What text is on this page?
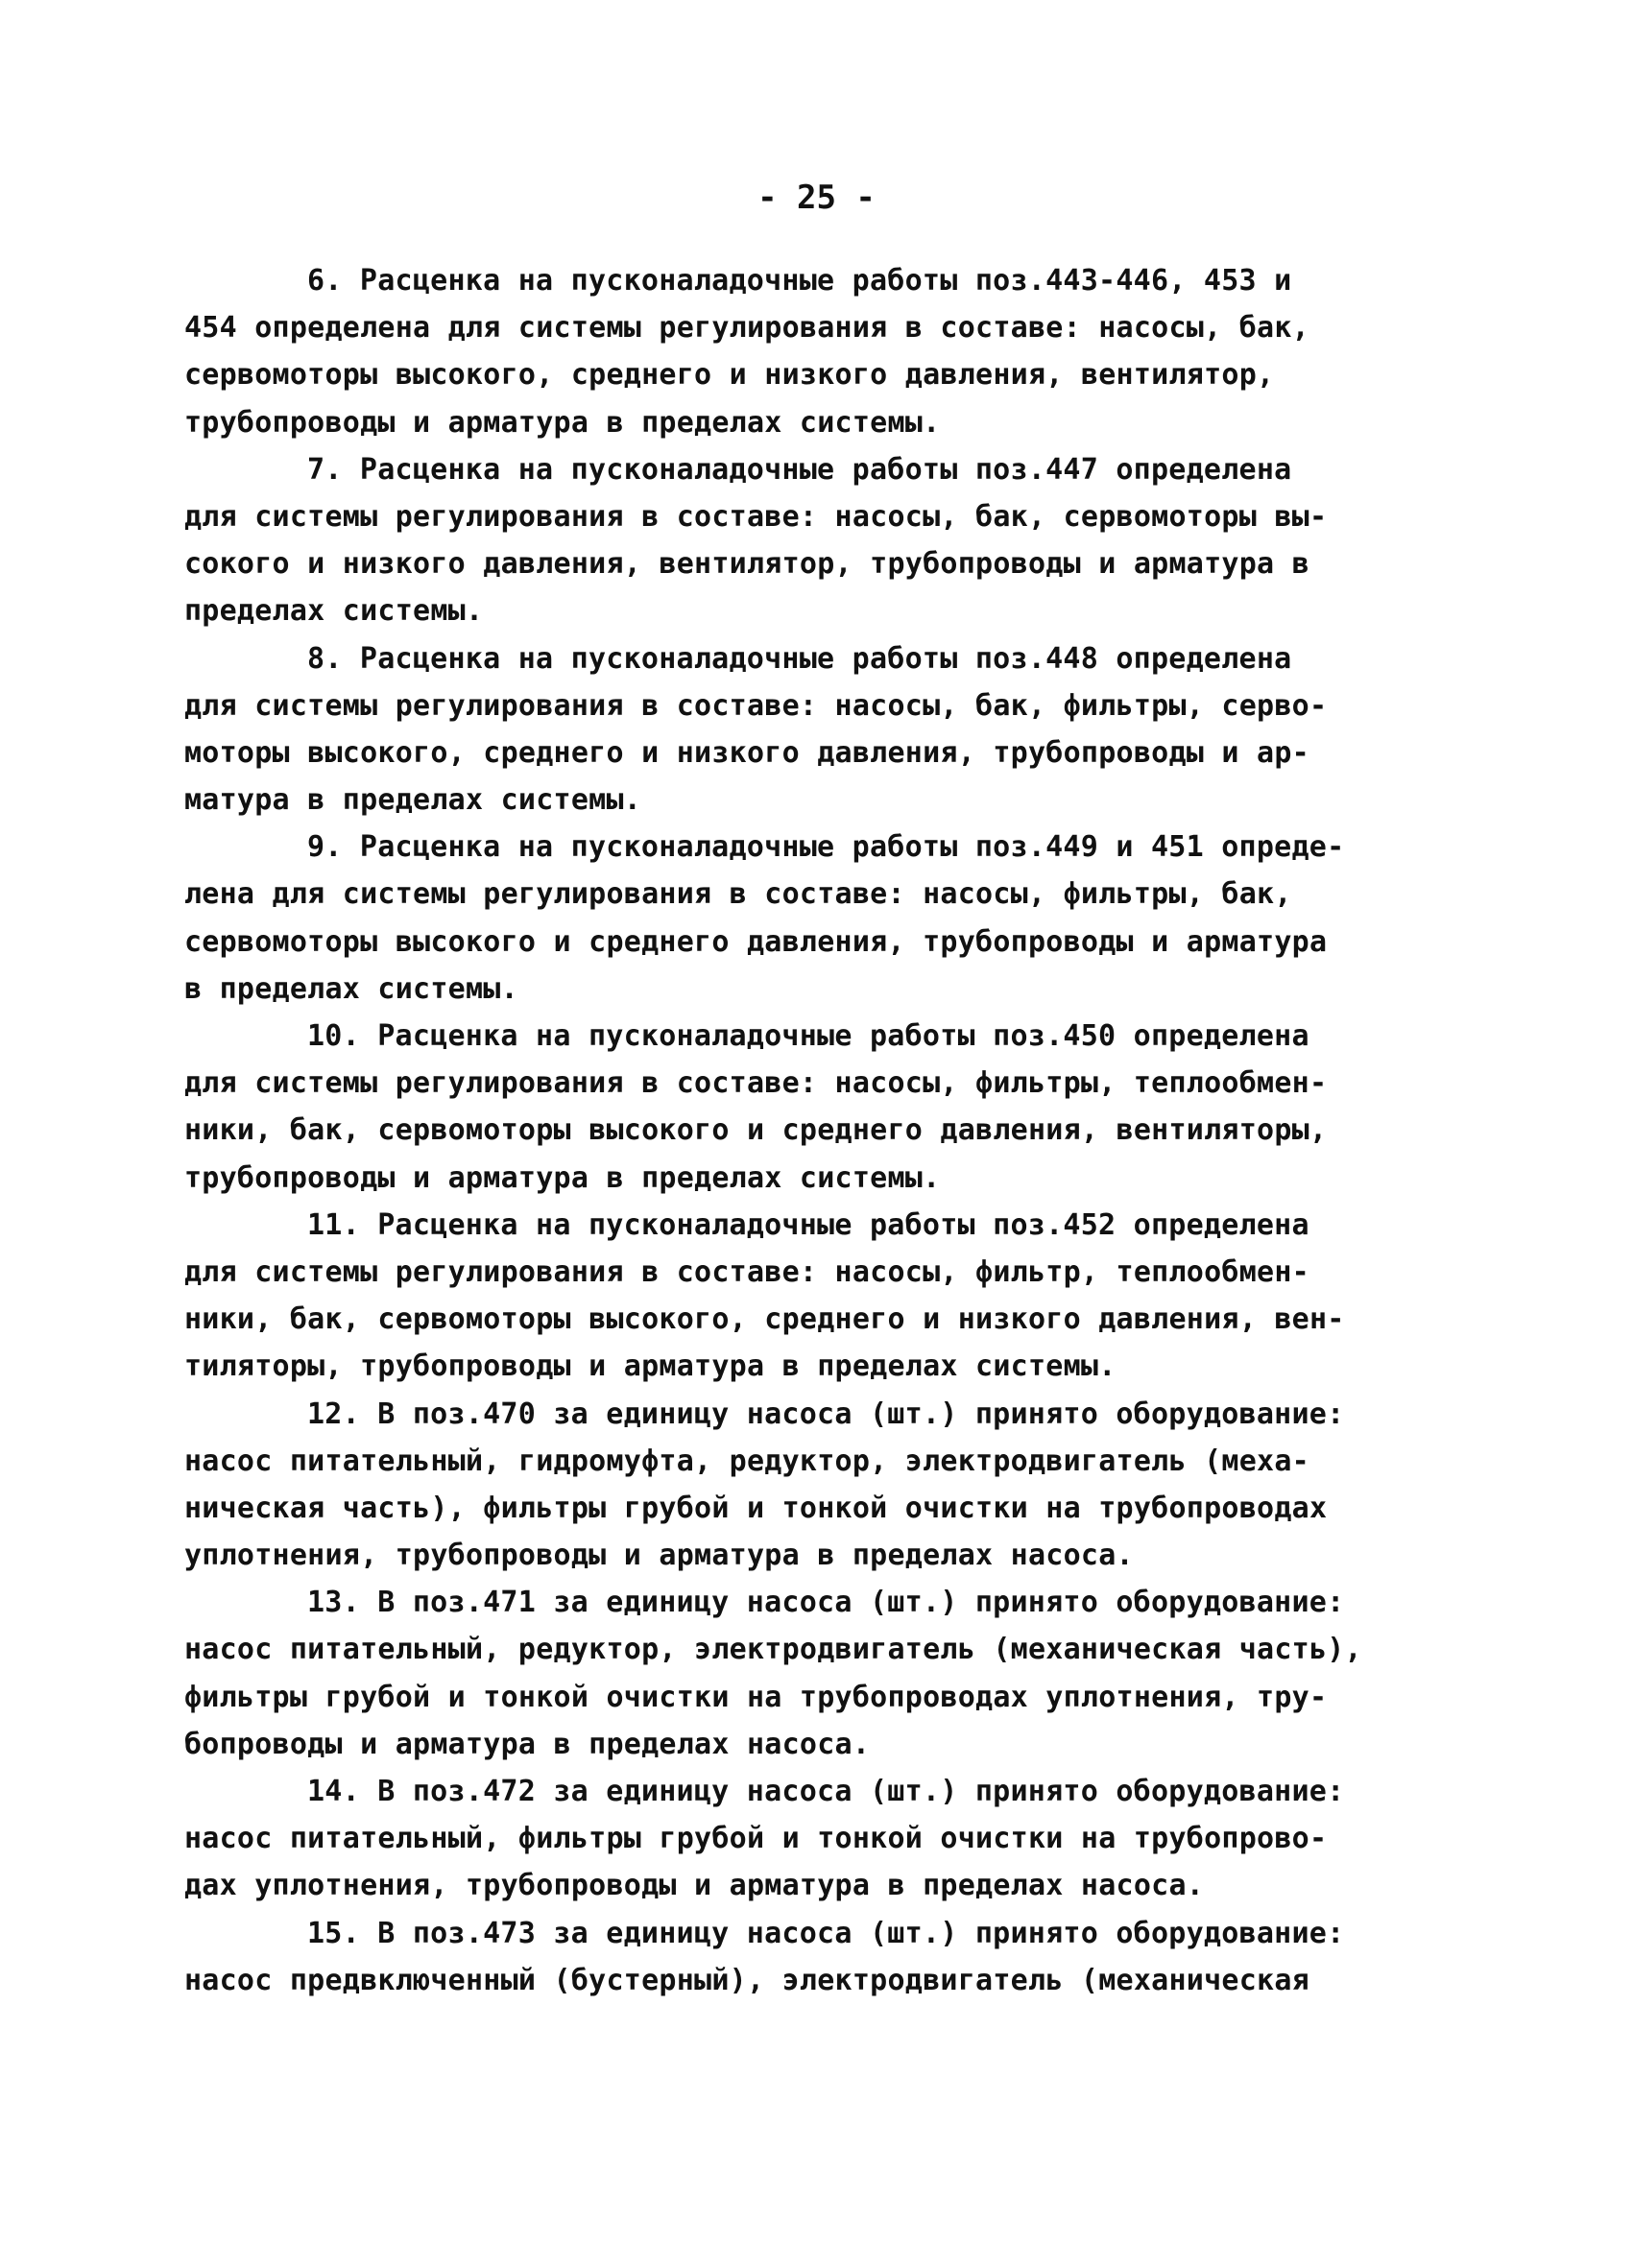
- 25 -
6. Расценка на пусконаладочные работы поз.443-446, 453 и
454 определена для системы регулирования в составе: насосы, бак,
сервомоторы высокого, среднего и низкого давления, вентилятор,
трубопроводы и арматура в пределах системы.
7. Расценка на пусконаладочные работы поз.447 определена
для системы регулирования в составе: насосы, бак, сервомоторы вы-
сокого и низкого давления, вентилятор, трубопроводы и арматура в
пределах системы.
8. Расценка на пусконаладочные работы поз.448 определена
для системы регулирования в составе: насосы, бак, фильтры, серво-
моторы высокого, среднего и низкого давления, трубопроводы и ар-
матура в пределах системы.
9. Расценка на пусконаладочные работы поз.449 и 451 опреде-
лена для системы регулирования в составе: насосы, фильтры, бак,
сервомоторы высокого и среднего давления, трубопроводы и арматура
в пределах системы.
10. Расценка на пусконаладочные работы поз.450 определена
для системы регулирования в составе: насосы, фильтры, теплообмен-
ники, бак, сервомоторы высокого и среднего давления, вентиляторы,
трубопроводы и арматура в пределах системы.
11. Расценка на пусконаладочные работы поз.452 определена
для системы регулирования в составе: насосы, фильтр, теплообмен-
ники, бак, сервомоторы высокого, среднего и низкого давления, вен-
тиляторы, трубопроводы и арматура в пределах системы.
12. В поз.470 за единицу насоса (шт.) принято оборудование:
насос питательный, гидромуфта, редуктор, электродвигатель (меха-
ническая часть), фильтры грубой и тонкой очистки на трубопроводах
уплотнения, трубопроводы и арматура в пределах насоса.
13. В поз.471 за единицу насоса (шт.) принято оборудование:
насос питательный, редуктор, электродвигатель (механическая часть),
фильтры грубой и тонкой очистки на трубопроводах уплотнения, тру-
бопроводы и арматура в пределах насоса.
14. В поз.472 за единицу насоса (шт.) принято оборудование:
насос питательный, фильтры грубой и тонкой очистки на трубопрово-
дах уплотнения, трубопроводы и арматура в пределах насоса.
15. В поз.473 за единицу насоса (шт.) принято оборудование:
насос предвключенный (бустерный), электродвигатель (механическая
